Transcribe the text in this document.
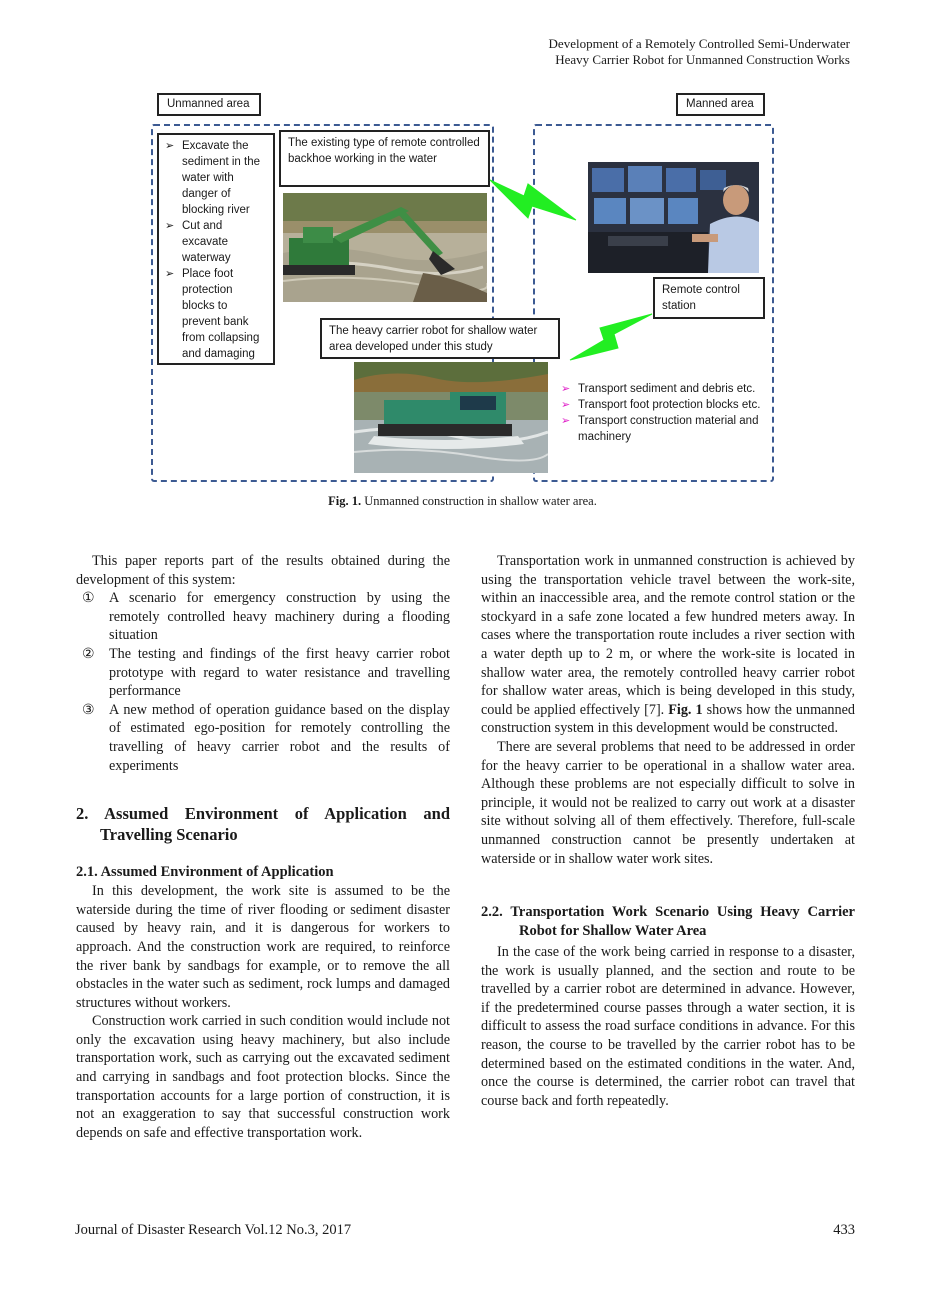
Development of a Remotely Controlled Semi-Underwater
Heavy Carrier Robot for Unmanned Construction Works
Unmanned area	Manned area
➢ Excavate the sediment in the water with danger of blocking river
➢ Cut and excavate waterway
➢ Place foot protection blocks to prevent bank from collapsing and damaging
The existing type of remote controlled backhoe working in the water
Remote control station
The heavy carrier robot for shallow water area developed under this study
➢ Transport sediment and debris etc.
➢ Transport foot protection blocks etc.
➢ Transport construction material and machinery
Fig. 1. Unmanned construction in shallow water area.

This paper reports part of the results obtained during the development of this system:

① A scenario for emergency construction by using the remotely controlled heavy machinery during a flooding situation
② The testing and findings of the first heavy carrier robot prototype with regard to water resistance and travelling performance
③ A new method of operation guidance based on the display of estimated ego-position for remotely controlling the travelling of heavy carrier robot and the results of experiments
2. Assumed Environment of Application and Travelling Scenario
2.1. Assumed Environment of Application

In this development, the work site is assumed to be the waterside during the time of river flooding or sediment disaster caused by heavy rain, and it is dangerous for workers to approach. And the construction work are required, to reinforce the river bank by sandbags for example, or to remove the all obstacles in the water such as sediment, rock lumps and damaged structures without workers.

Construction work carried in such condition would include not only the excavation using heavy machinery, but also include transportation work, such as carrying out the excavated sediment and carrying in sandbags and foot protection blocks. Since the transportation accounts for a large portion of construction, it is not an exaggeration to say that successful construction work depends on safe and effective transportation work.

Transportation work in unmanned construction is achieved by using the transportation vehicle travel between the work-site, within an inaccessible area, and the remote control station or the stockyard in a safe zone located a few hundred meters away. In cases where the transportation route includes a river section with a water depth up to 2 m, or where the work-site is located in shallow water area, the remotely controlled heavy carrier robot for shallow water areas, which is being developed in this study, could be applied effectively [7]. Fig. 1 shows how the unmanned construction system in this development would be constructed.

There are several problems that need to be addressed in order for the heavy carrier to be operational in a shallow water area. Although these problems are not especially difficult to solve in principle, it would not be realized to carry out work at a disaster site without solving all of them effectively. Therefore, full-scale unmanned construction cannot be presently undertaken at waterside or in shallow water work sites.

2.2. Transportation Work Scenario Using Heavy Carrier Robot for Shallow Water Area

In the case of the work being carried in response to a disaster, the work is usually planned, and the section and route to be travelled by a carrier robot are determined in advance. However, if the predetermined course passes through a water section, it is difficult to assess the road surface conditions in advance. For this reason, the course to be travelled by the carrier robot has to be determined based on the estimated conditions in the water. And, once the course is determined, the carrier robot can travel that course back and forth repeatedly.

Journal of Disaster Research Vol.12 No.3, 2017	433
